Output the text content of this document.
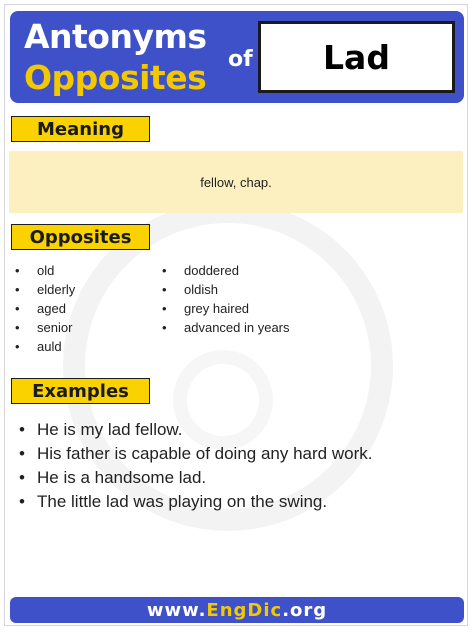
Antonyms
Opposites of	Lad
Meaning
fellow, chap.
Opposites
• old
• elderly
• aged
• senior
• auld
• doddered
• oldish
• grey haired
• advanced in years
Examples
• He is my lad fellow.
• His father is capable of doing any hard work.
• He is a handsome lad.
• The little lad was playing on the swing.
www. EngDic .org
